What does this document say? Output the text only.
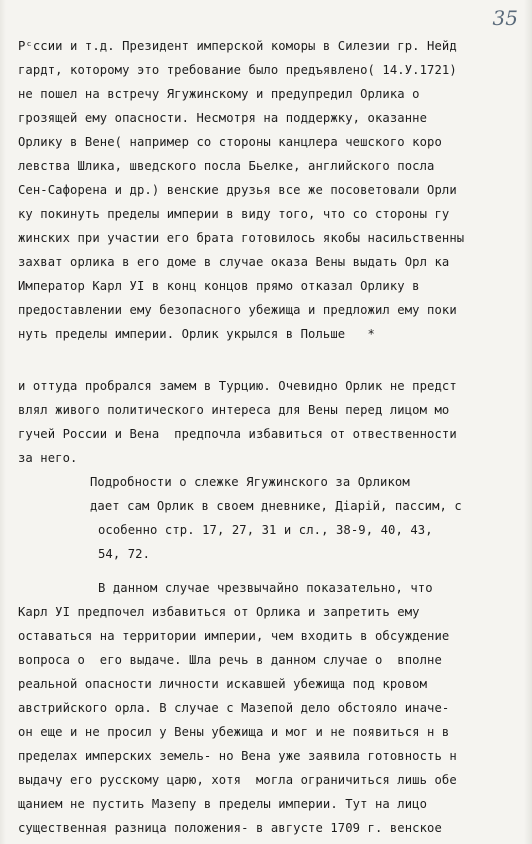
35
Рᶜссии и т.д. Президент имперской коморы в Силезии гр. Нейд
гардт, которому это требование было предъявлено( 14.У.1721)
не пошел на встречу Ягужинскому и предупредил Орлика о
грозящей ему опасности. Несмотря на поддержку, оказанне
Орлику в Вене( например со стороны канцлера чешского коро
левства Шлика, шведского посла Бьелке, английского посла
Сен-Сафорена и др.) венские друзья все же посоветовали Орли
ку покинуть пределы империи в виду того, что со стороны гу
жинских при участии его брата готовилось якобы насильственны
захват орлика в его доме в случае оказа Вены выдать Орл ка
Император Карл УI в конц концов прямо отказал Орлику в
предоставлении ему безопасного убежища и предложил ему поки
нуть пределы империи. Орлик укрылся в Польше   *
и оттуда пробрался замем в Турцию. Очевидно Орлик не предст
влял живого политического интереса для Вены перед лицом мо
гучей России и Вена  предпочла избавиться от отвественности
за него.
Подробности о слежке Ягужинского за Орликом
дает сам Орлик в своем дневнике, Діарій, пассим, с
особенно стр. 17, 27, 31 и сл., 38-9, 40, 43,
54, 72.
В данном случае чрезвычайно показательно, что
Карл УI предпочел избавиться от Орлика и запретить ему
оставаться на территории империи, чем входить в обсуждение
вопроса о  его выдаче. Шла речь в данном случае о  вполне
реальной опасности личности искавшей убежища под кровом
австрийского орла. В случае с Мазепой дело обстояло иначе-
он еще и не просил у Вены убежища и мог и не появиться н в
пределах имперских земель- но Вена уже заявила готовность н
выдачу его русскому царю, хотя  могла ограничиться лишь обе
щанием не пустить Мазепу в пределы империи. Тут на лицо
существенная разница положения- в августе 1709 г. венское
